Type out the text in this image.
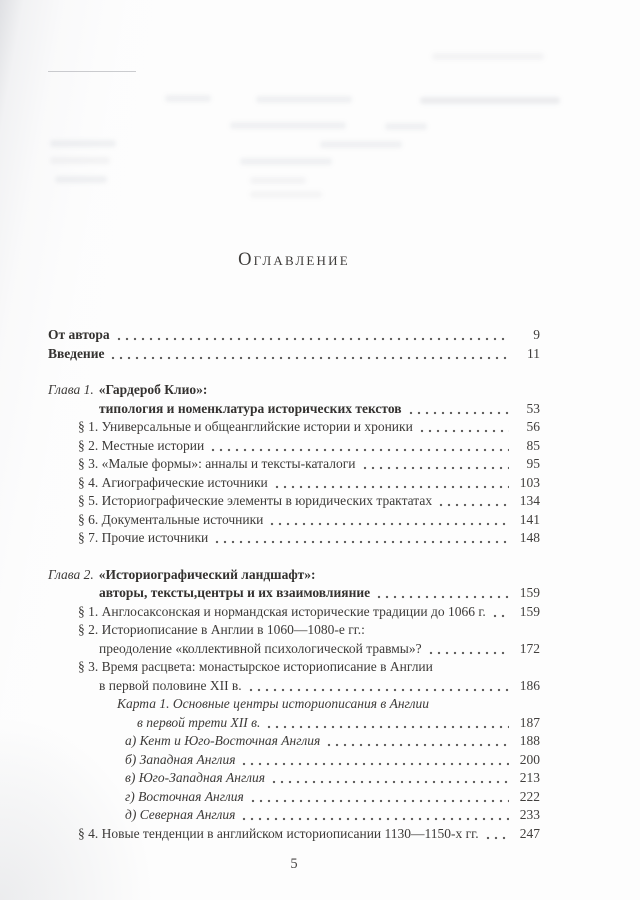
ОГЛАВЛЕНИЕ
От автора	9
Введение	11
Глава 1. «Гардероб Клио»:
типология и номенклатура исторических текстов	53
§ 1. Универсальные и общеанглийские истории и хроники	56
§ 2. Местные истории	85
§ 3. «Малые формы»: анналы и тексты-каталоги	95
§ 4. Агиографические источники	103
§ 5. Историографические элементы в юридических трактатах	134
§ 6. Документальные источники	141
§ 7. Прочие источники	148
Глава 2. «Историографический ландшафт»:
авторы, тексты,центры и их взаимовлияние	159
§ 1. Англосаксонская и нормандская исторические традиции до 1066 г.	159
§ 2. Историописание в Англии в 1060—1080-е гг.:
преодоление «коллективной психологической травмы»?	172
§ 3. Время расцвета: монастырское историописание в Англии
в первой половине XII в.	186
Карта 1. Основные центры историописания в Англии
в первой трети XII в.	187
а) Кент и Юго-Восточная Англия	188
б) Западная Англия	200
в) Юго-Западная Англия	213
г) Восточная Англия	222
д) Северная Англия	233
§ 4. Новые тенденции в английском историописании 1130—1150-х гг.	247
5
